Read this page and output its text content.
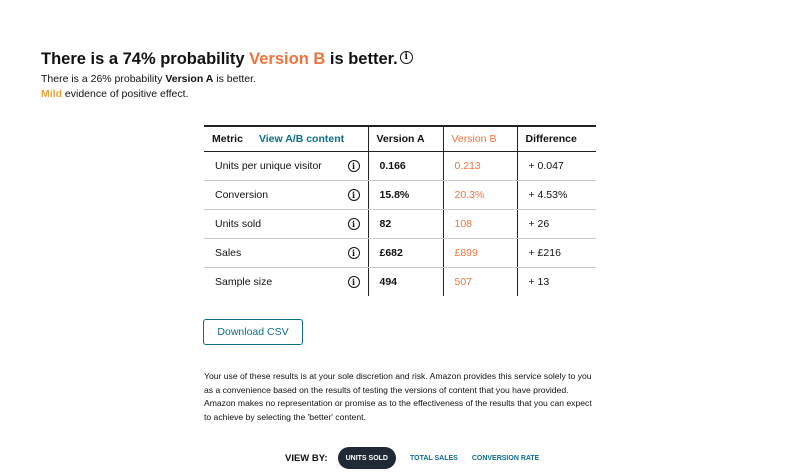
There is a 74% probability Version B is better. i
There is a 26% probability Version A is better.
Mild evidence of positive effect.
Metric View A/B content	Version A	Version B	Difference

Units per unique visitor i	0.166	0.213	+ 0.047

Conversion i	15.8%	20.3%	+ 4.53%

Units sold i	82	108	+ 26

Sales i	£682	£899	+ £216

Sample size i	494	507	+ 13
Download CSV

Your use of these results is at your sole discretion and risk. Amazon provides this service solely to you as a convenience based on the results of testing the versions of content that you have provided. Amazon makes no representation or promise as to the effectiveness of the results that you can expect to achieve by selecting the 'better' content.

VIEW BY:	UNITS SOLD	TOTAL SALES CONVERSION RATE
